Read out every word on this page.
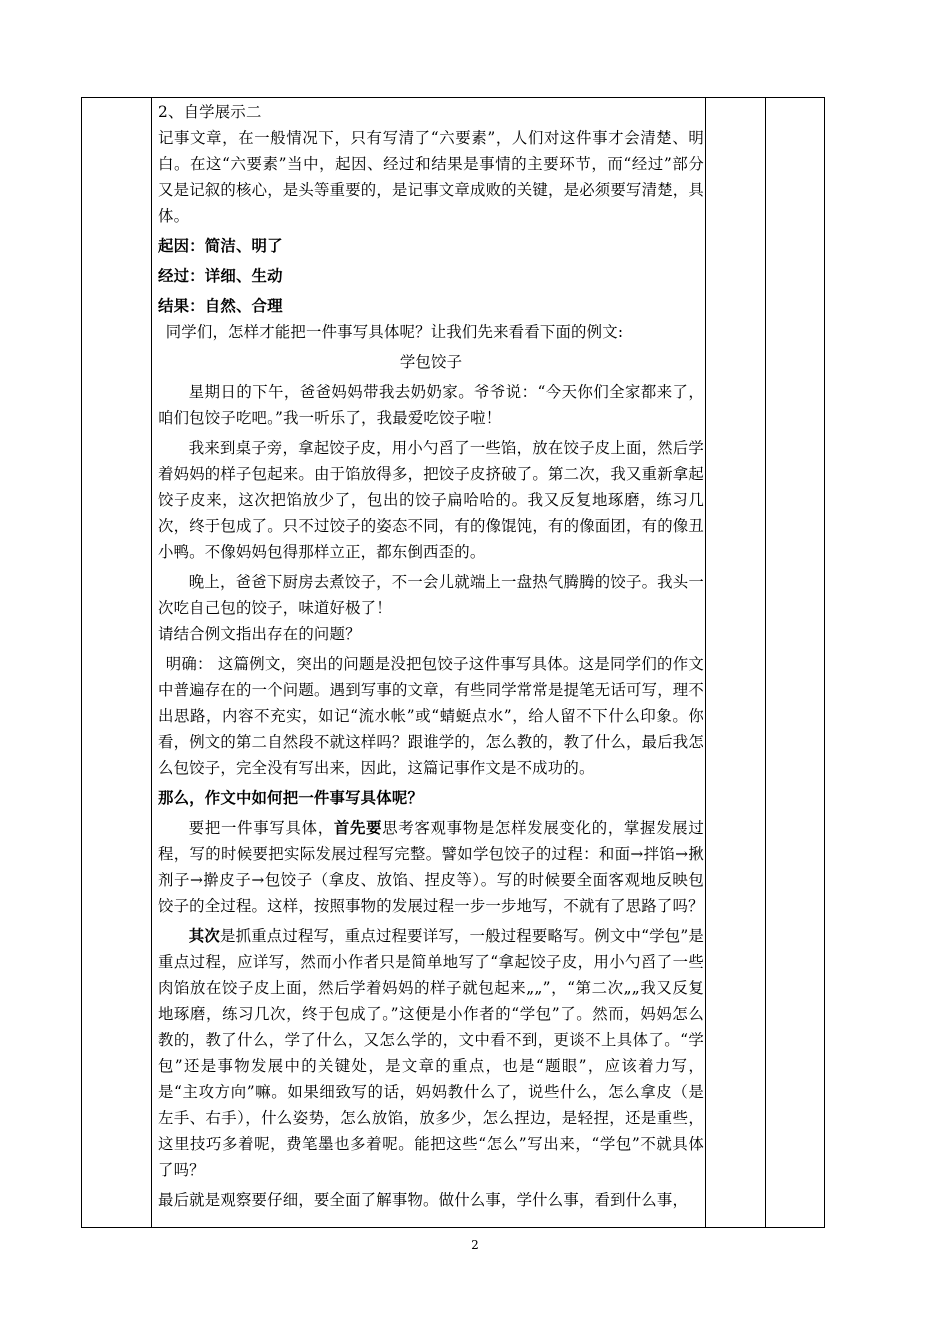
2、自学展示二

记事文章，在一般情况下，只有写清了“六要素”，人们对这件事才会清楚、明白。在这“六要素”当中，起因、经过和结果是事情的主要环节，而“经过”部分又是记叙的核心，是头等重要的，是记事文章成败的关键，是必须要写清楚，具体。

起因：简洁、明了

经过：详细、生动

结果：自然、合理

同学们，怎样才能把一件事写具体呢？让我们先来看看下面的例文:

学包饺子

星期日的下午，爸爸妈妈带我去奶奶家。爷爷说：“今天你们全家都来了，咱们包饺子吃吧。”我一听乐了，我最爱吃饺子啦！

我来到桌子旁，拿起饺子皮，用小勺舀了一些馅，放在饺子皮上面，然后学着妈妈的样子包起来。由于馅放得多，把饺子皮挤破了。第二次，我又重新拿起饺子皮来，这次把馅放少了，包出的饺子扁哈哈的。我又反复地琢磨，练习几次，终于包成了。只不过饺子的姿态不同，有的像馄饨，有的像面团，有的像丑小鸭。不像妈妈包得那样立正，都东倒西歪的。

晚上，爸爸下厨房去煮饺子，不一会儿就端上一盘热气腾腾的饺子。我头一次吃自己包的饺子，味道好极了！

请结合例文指出存在的问题？

明确： 这篇例文，突出的问题是没把包饺子这件事写具体。这是同学们的作文中普遍存在的一个问题。遇到写事的文章，有些同学常常是提笔无话可写，理不出思路，内容不充实，如记“流水帐”或“蜻蜓点水”，给人留不下什么印象。你看，例文的第二自然段不就这样吗？跟谁学的，怎么教的，教了什么，最后我怎么包饺子，完全没有写出来，因此，这篇记事作文是不成功的。

那么，作文中如何把一件事写具体呢？

要把一件事写具体，首先要思考客观事物是怎样发展变化的，掌握发展过程，写的时候要把实际发展过程写完整。譬如学包饺子的过程：和面→拌馅→揪剂子→擀皮子→包饺子（拿皮、放馅、捏皮等）。写的时候要全面客观地反映包饺子的全过程。这样，按照事物的发展过程一步一步地写，不就有了思路了吗？

其次是抓重点过程写，重点过程要详写，一般过程要略写。例文中“学包”是重点过程，应详写，然而小作者只是简单地写了“拿起饺子皮，用小勺舀了一些肉馅放在饺子皮上面，然后学着妈妈的样子就包起来„„”，“第二次„„我又反复地琢磨，练习几次，终于包成了。”这便是小作者的“学包”了。然而，妈妈怎么教的，教了什么，学了什么，又怎么学的，文中看不到，更谈不上具体了。“学包”还是事物发展中的关键处，是文章的重点，也是“题眼”，应该着力写，是“主攻方向”嘛。如果细致写的话，妈妈教什么了，说些什么，怎么拿皮（是左手、右手），什么姿势，怎么放馅，放多少，怎么捏边，是轻捏，还是重些，这里技巧多着呢，费笔墨也多着呢。能把这些“怎么”写出来，“学包”不就具体了吗？

最后就是观察要仔细，要全面了解事物。做什么事，学什么事，看到什么事，

2
